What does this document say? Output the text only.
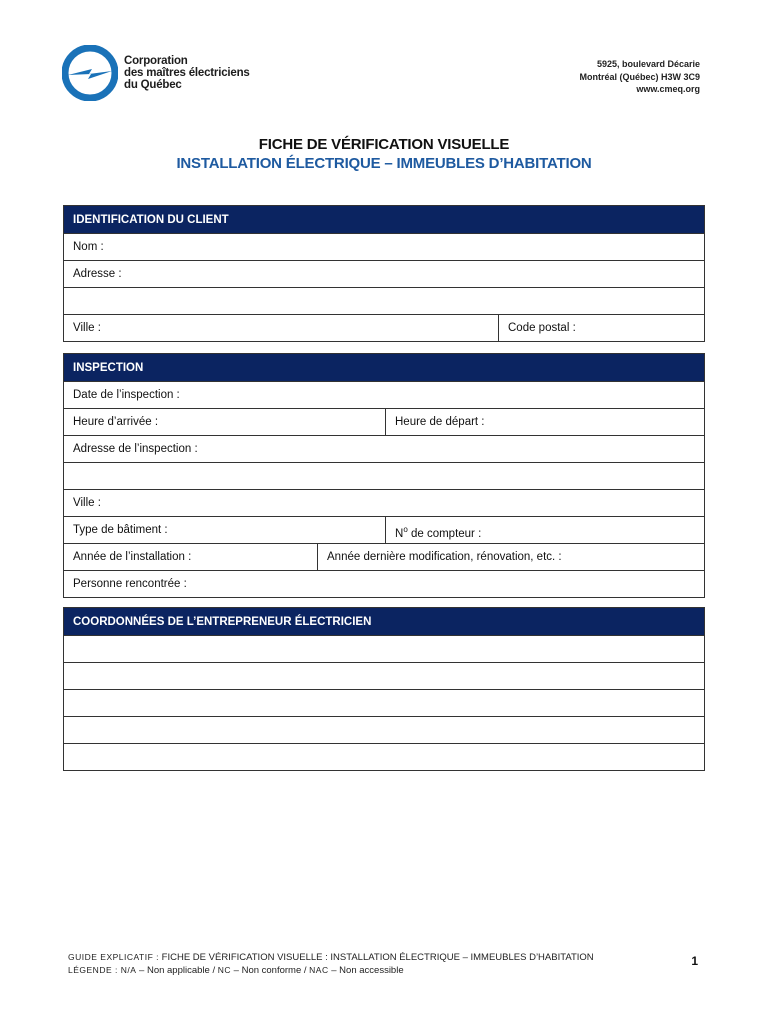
Corporation
des maîtres électriciens
du Québec
5925, boulevard Décarie
Montréal (Québec) H3W 3C9
www.cmeq.org
FICHE DE VÉRIFICATION VISUELLE
INSTALLATION ÉLECTRIQUE – IMMEUBLES D’HABITATION
IDENTIFICATION DU CLIENT
Nom :
Adresse :
Ville :	Code postal :
INSPECTION
Date de l’inspection :
Heure d’arrivée :	Heure de départ :
Adresse de l’inspection :
Ville :
Type de bâtiment :	$N^o$ de compteur :
Année de l’installation :	Année dernière modification, rénovation, etc. :
Personne rencontrée :
COORDONNÉES DE L’ENTREPRENEUR ÉLECTRICIEN
GUIDE EXPLICATIF : FICHE DE VÉRIFICATION VISUELLE : INSTALLATION ÉLECTRIQUE – IMMEUBLES D’HABITATION
LÉGENDE : N/A – Non applicable / NC – Non conforme / NAC – Non accessible
1
